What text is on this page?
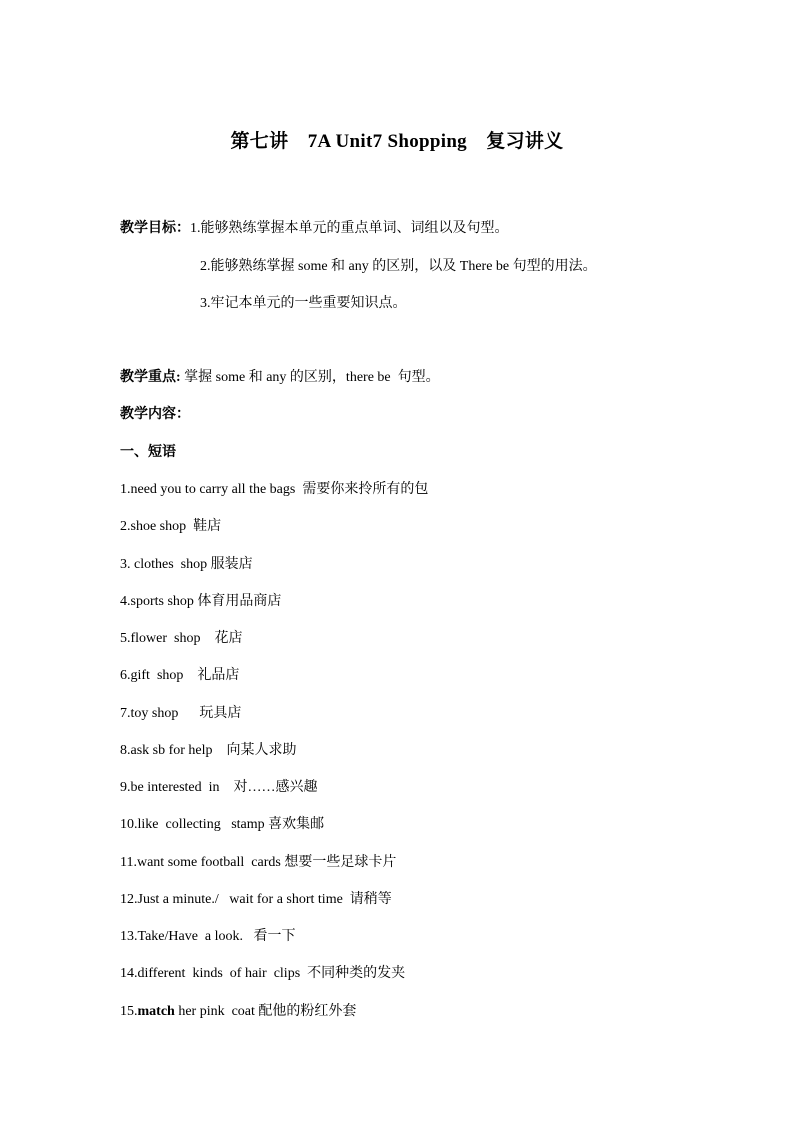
第七讲　7A Unit7 Shopping　复习讲义
教学目标：1.能够熟练掌握本单元的重点单词、词组以及句型。
2.能够熟练掌握 some 和 any 的区别，以及 There be 句型的用法。
3.牢记本单元的一些重要知识点。
教学重点: 掌握 some 和 any 的区别，there be  句型。
教学内容：
一、短语
1.need you to carry all the bags  需要你来拎所有的包
2.shoe shop  鞋店
3. clothes  shop 服装店
4.sports shop 体育用品商店
5.flower  shop    花店
6.gift  shop    礼品店
7.toy shop      玩具店
8.ask sb for help    向某人求助
9.be interested  in    对……感兴趣
10.like  collecting   stamp 喜欢集邮
11.want some football  cards 想要一些足球卡片
12.Just a minute./   wait for a short time  请稍等
13.Take/Have  a look.   看一下
14.different  kinds  of hair  clips  不同种类的发夹
15.match her pink  coat 配他的粉红外套
